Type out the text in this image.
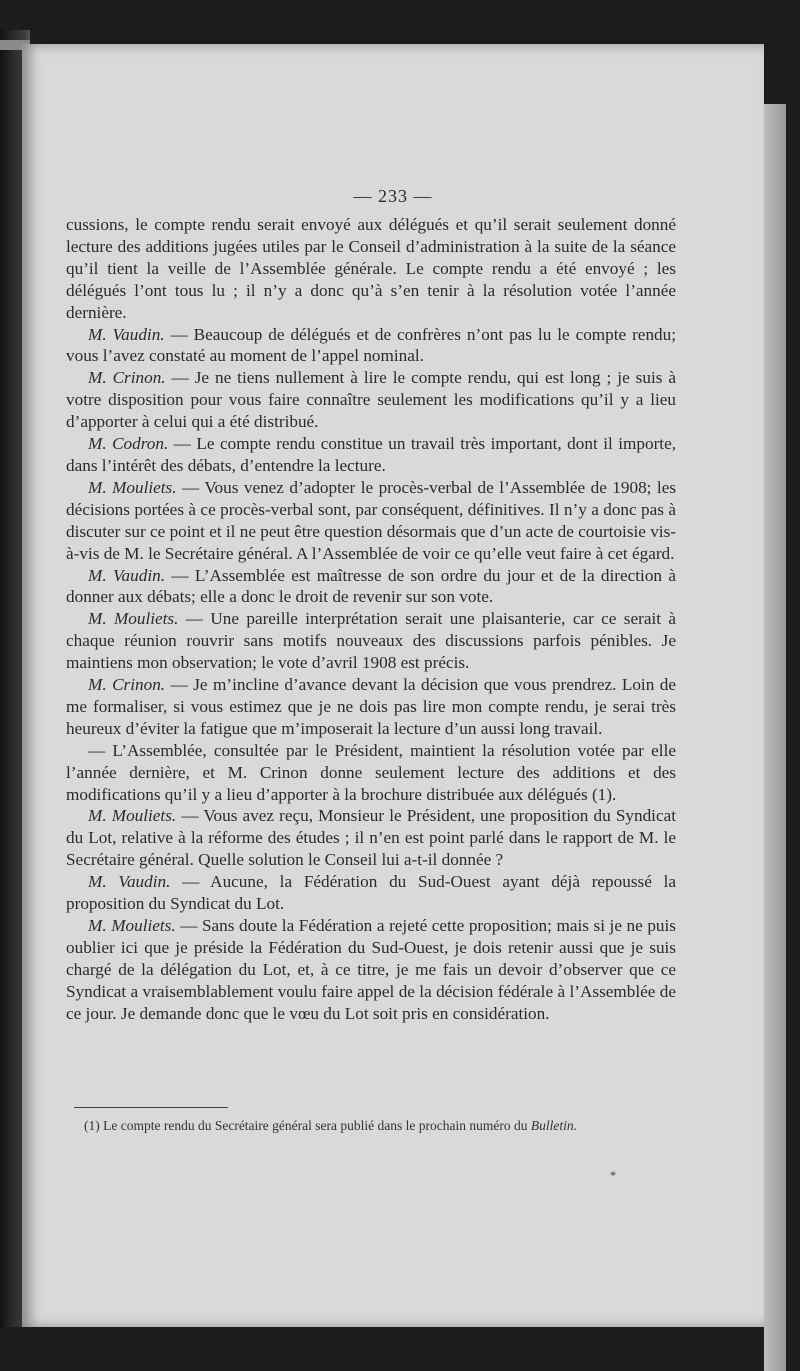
— 233 —

cussions, le compte rendu serait envoyé aux délégués et qu’il serait seulement donné lecture des additions jugées utiles par le Conseil d’administration à la suite de la séance qu’il tient la veille de l’Assemblée générale. Le compte rendu a été envoyé ; les délégués l’ont tous lu ; il n’y a donc qu’à s’en tenir à la résolution votée l’année dernière.

M. Vaudin. — Beaucoup de délégués et de confrères n’ont pas lu le compte rendu; vous l’avez constaté au moment de l’appel nominal.

M. Crinon. — Je ne tiens nullement à lire le compte rendu, qui est long ; je suis à votre disposition pour vous faire connaître seulement les modifications qu’il y a lieu d’apporter à celui qui a été distribué.

M. Codron. — Le compte rendu constitue un travail très important, dont il importe, dans l’intérêt des débats, d’entendre la lecture.

M. Mouliets. — Vous venez d’adopter le procès-verbal de l’Assemblée de 1908; les décisions portées à ce procès-verbal sont, par conséquent, définitives. Il n’y a donc pas à discuter sur ce point et il ne peut être question désormais que d’un acte de courtoisie vis-à-vis de M. le Secrétaire général. A l’Assemblée de voir ce qu’elle veut faire à cet égard.

M. Vaudin. — L’Assemblée est maîtresse de son ordre du jour et de la direction à donner aux débats; elle a donc le droit de revenir sur son vote.

M. Mouliets. — Une pareille interprétation serait une plaisanterie, car ce serait à chaque réunion rouvrir sans motifs nouveaux des discussions parfois pénibles. Je maintiens mon observation; le vote d’avril 1908 est précis.

M. Crinon. — Je m’incline d’avance devant la décision que vous prendrez. Loin de me formaliser, si vous estimez que je ne dois pas lire mon compte rendu, je serai très heureux d’éviter la fatigue que m’imposerait la lecture d’un aussi long travail.

— L’Assemblée, consultée par le Président, maintient la résolution votée par elle l’année dernière, et M. Crinon donne seulement lecture des additions et des modifications qu’il y a lieu d’apporter à la brochure distribuée aux délégués (1).

M. Mouliets. — Vous avez reçu, Monsieur le Président, une proposition du Syndicat du Lot, relative à la réforme des études ; il n’en est point parlé dans le rapport de M. le Secrétaire général. Quelle solution le Conseil lui a-t-il donnée ?

M. Vaudin. — Aucune, la Fédération du Sud-Ouest ayant déjà repoussé la proposition du Syndicat du Lot.

M. Mouliets. — Sans doute la Fédération a rejeté cette proposition; mais si je ne puis oublier ici que je préside la Fédération du Sud-Ouest, je dois retenir aussi que je suis chargé de la délégation du Lot, et, à ce titre, je me fais un devoir d’observer que ce Syndicat a vraisemblablement voulu faire appel de la décision fédérale à l’Assemblée de ce jour. Je demande donc que le vœu du Lot soit pris en considération.

(1) Le compte rendu du Secrétaire général sera publié dans le prochain numéro du Bulletin.
*
